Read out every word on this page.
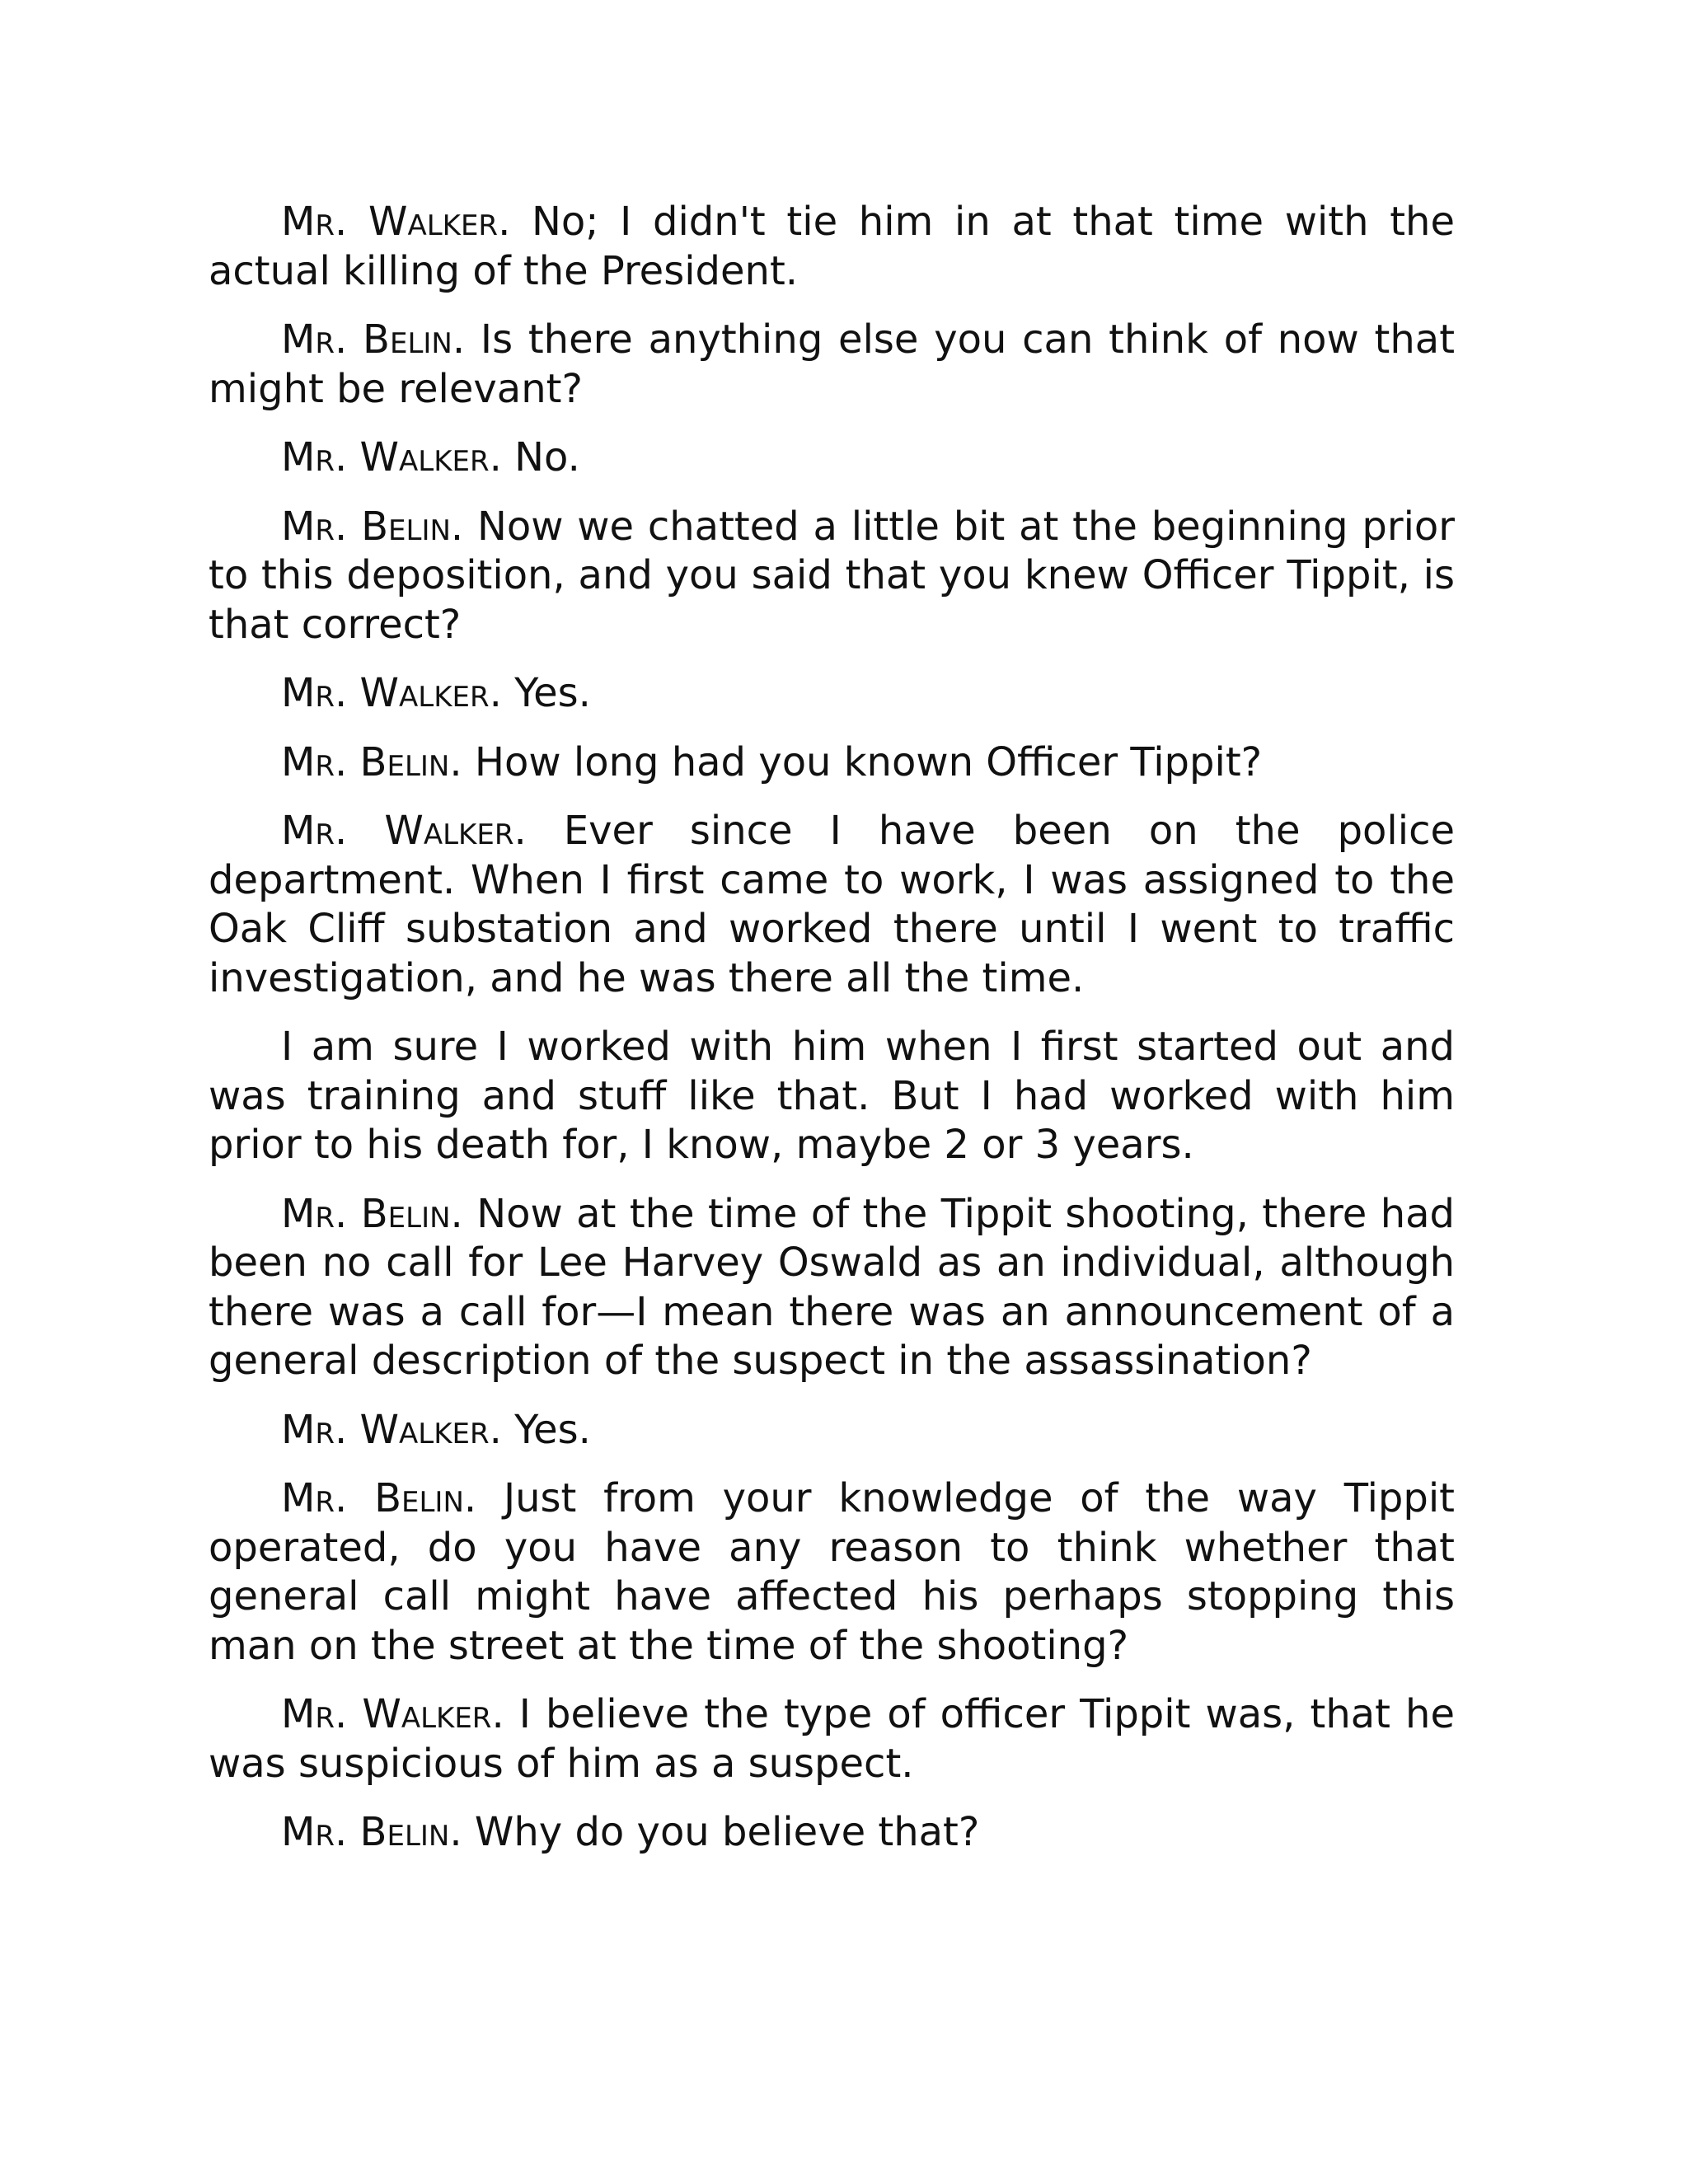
Mr. Walker. No; I didn't tie him in at that time with the actual killing of the President.

Mr. Belin. Is there anything else you can think of now that might be relevant?

Mr. Walker. No.

Mr. Belin. Now we chatted a little bit at the beginning prior to this deposition, and you said that you knew Officer Tippit, is that correct?

Mr. Walker. Yes.

Mr. Belin. How long had you known Officer Tippit?

Mr. Walker. Ever since I have been on the police department. When I first came to work, I was assigned to the Oak Cliff substation and worked there until I went to traffic investigation, and he was there all the time.

I am sure I worked with him when I first started out and was training and stuff like that. But I had worked with him prior to his death for, I know, maybe 2 or 3 years.

Mr. Belin. Now at the time of the Tippit shooting, there had been no call for Lee Harvey Oswald as an individual, although there was a call for—I mean there was an announcement of a general description of the suspect in the assassination?

Mr. Walker. Yes.

Mr. Belin. Just from your knowledge of the way Tippit operated, do you have any reason to think whether that general call might have affected his perhaps stopping this man on the street at the time of the shooting?

Mr. Walker. I believe the type of officer Tippit was, that he was suspicious of him as a suspect.

Mr. Belin. Why do you believe that?
